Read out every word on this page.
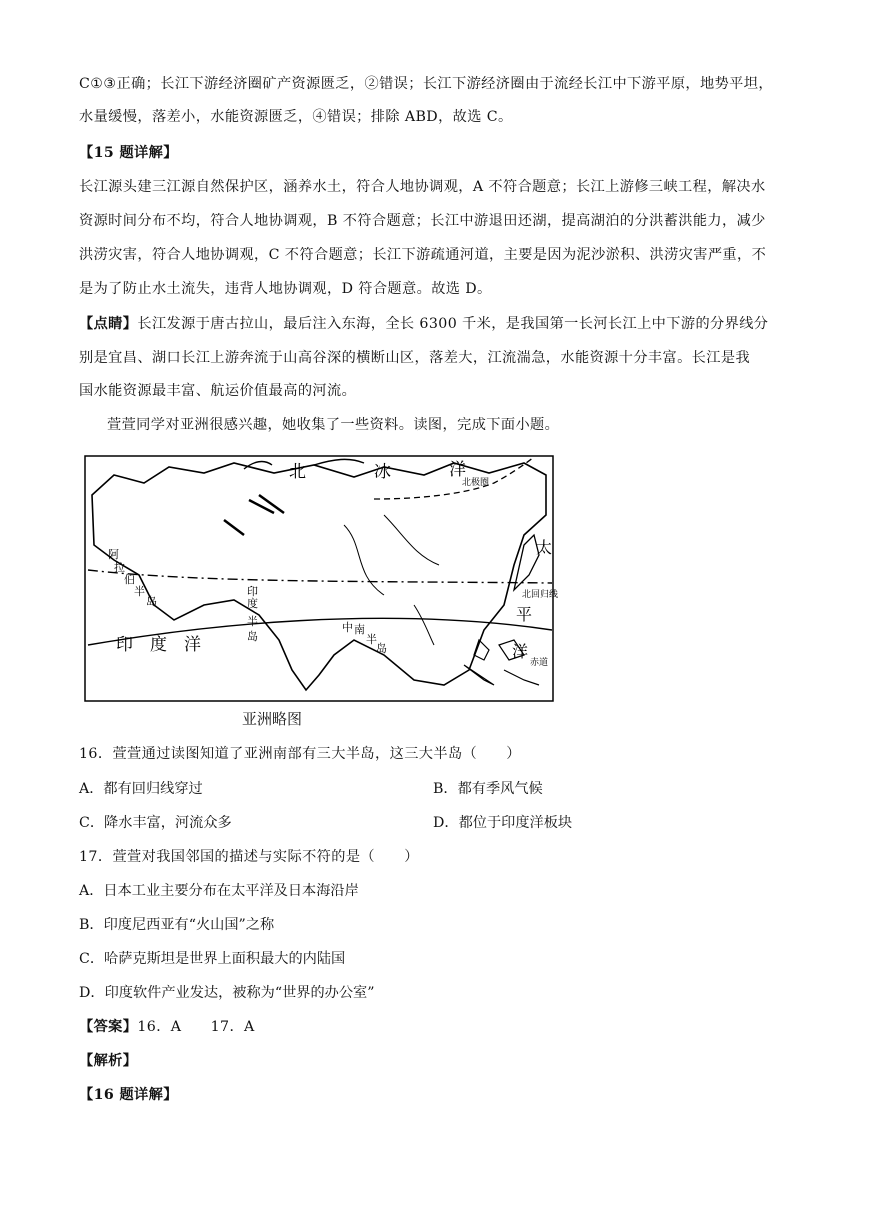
C①③正确；长江下游经济圈矿产资源匮乏，②错误；长江下游经济圈由于流经长江中下游平原，地势平坦，
水量缓慢，落差小，水能资源匮乏，④错误；排除 ABD，故选 C。
【15 题详解】
长江源头建三江源自然保护区，涵养水土，符合人地协调观，A 不符合题意；长江上游修三峡工程，解决水
资源时间分布不均，符合人地协调观，B 不符合题意；长江中游退田还湖，提高湖泊的分洪蓄洪能力，减少
洪涝灾害，符合人地协调观，C 不符合题意；长江下游疏通河道，主要是因为泥沙淤积、洪涝灾害严重，不
是为了防止水土流失，违背人地协调观，D 符合题意。故选 D。
【点睛】长江发源于唐古拉山，最后注入东海，全长 6300 千米，是我国第一长河长江上中下游的分界线分
别是宜昌、湖口长江上游奔流于山高谷深的横断山区，落差大，江流湍急，水能资源十分丰富。长江是我
国水能资源最丰富、航运价值最高的河流。
萱萱同学对亚洲很感兴趣，她收集了一些资料。读图，完成下面小题。
北	冰	洋
北极圈
太
北回归线
平
洋
赤道
阿
拉
伯
半
岛
印
度
半
岛
中 南
半
岛
印　度　洋
亚洲略图
16．萱萱通过读图知道了亚洲南部有三大半岛，这三大半岛（　　）
A．都有回归线穿过	B．都有季风气候
C．降水丰富，河流众多	D．都位于印度洋板块
17．萱萱对我国邻国的描述与实际不符的是（　　）
A．日本工业主要分布在太平洋及日本海沿岸
B．印度尼西亚有“火山国”之称
C．哈萨克斯坦是世界上面积最大的内陆国
D．印度软件产业发达，被称为“世界的办公室”
【答案】16．A　　17．A
【解析】
【16 题详解】
